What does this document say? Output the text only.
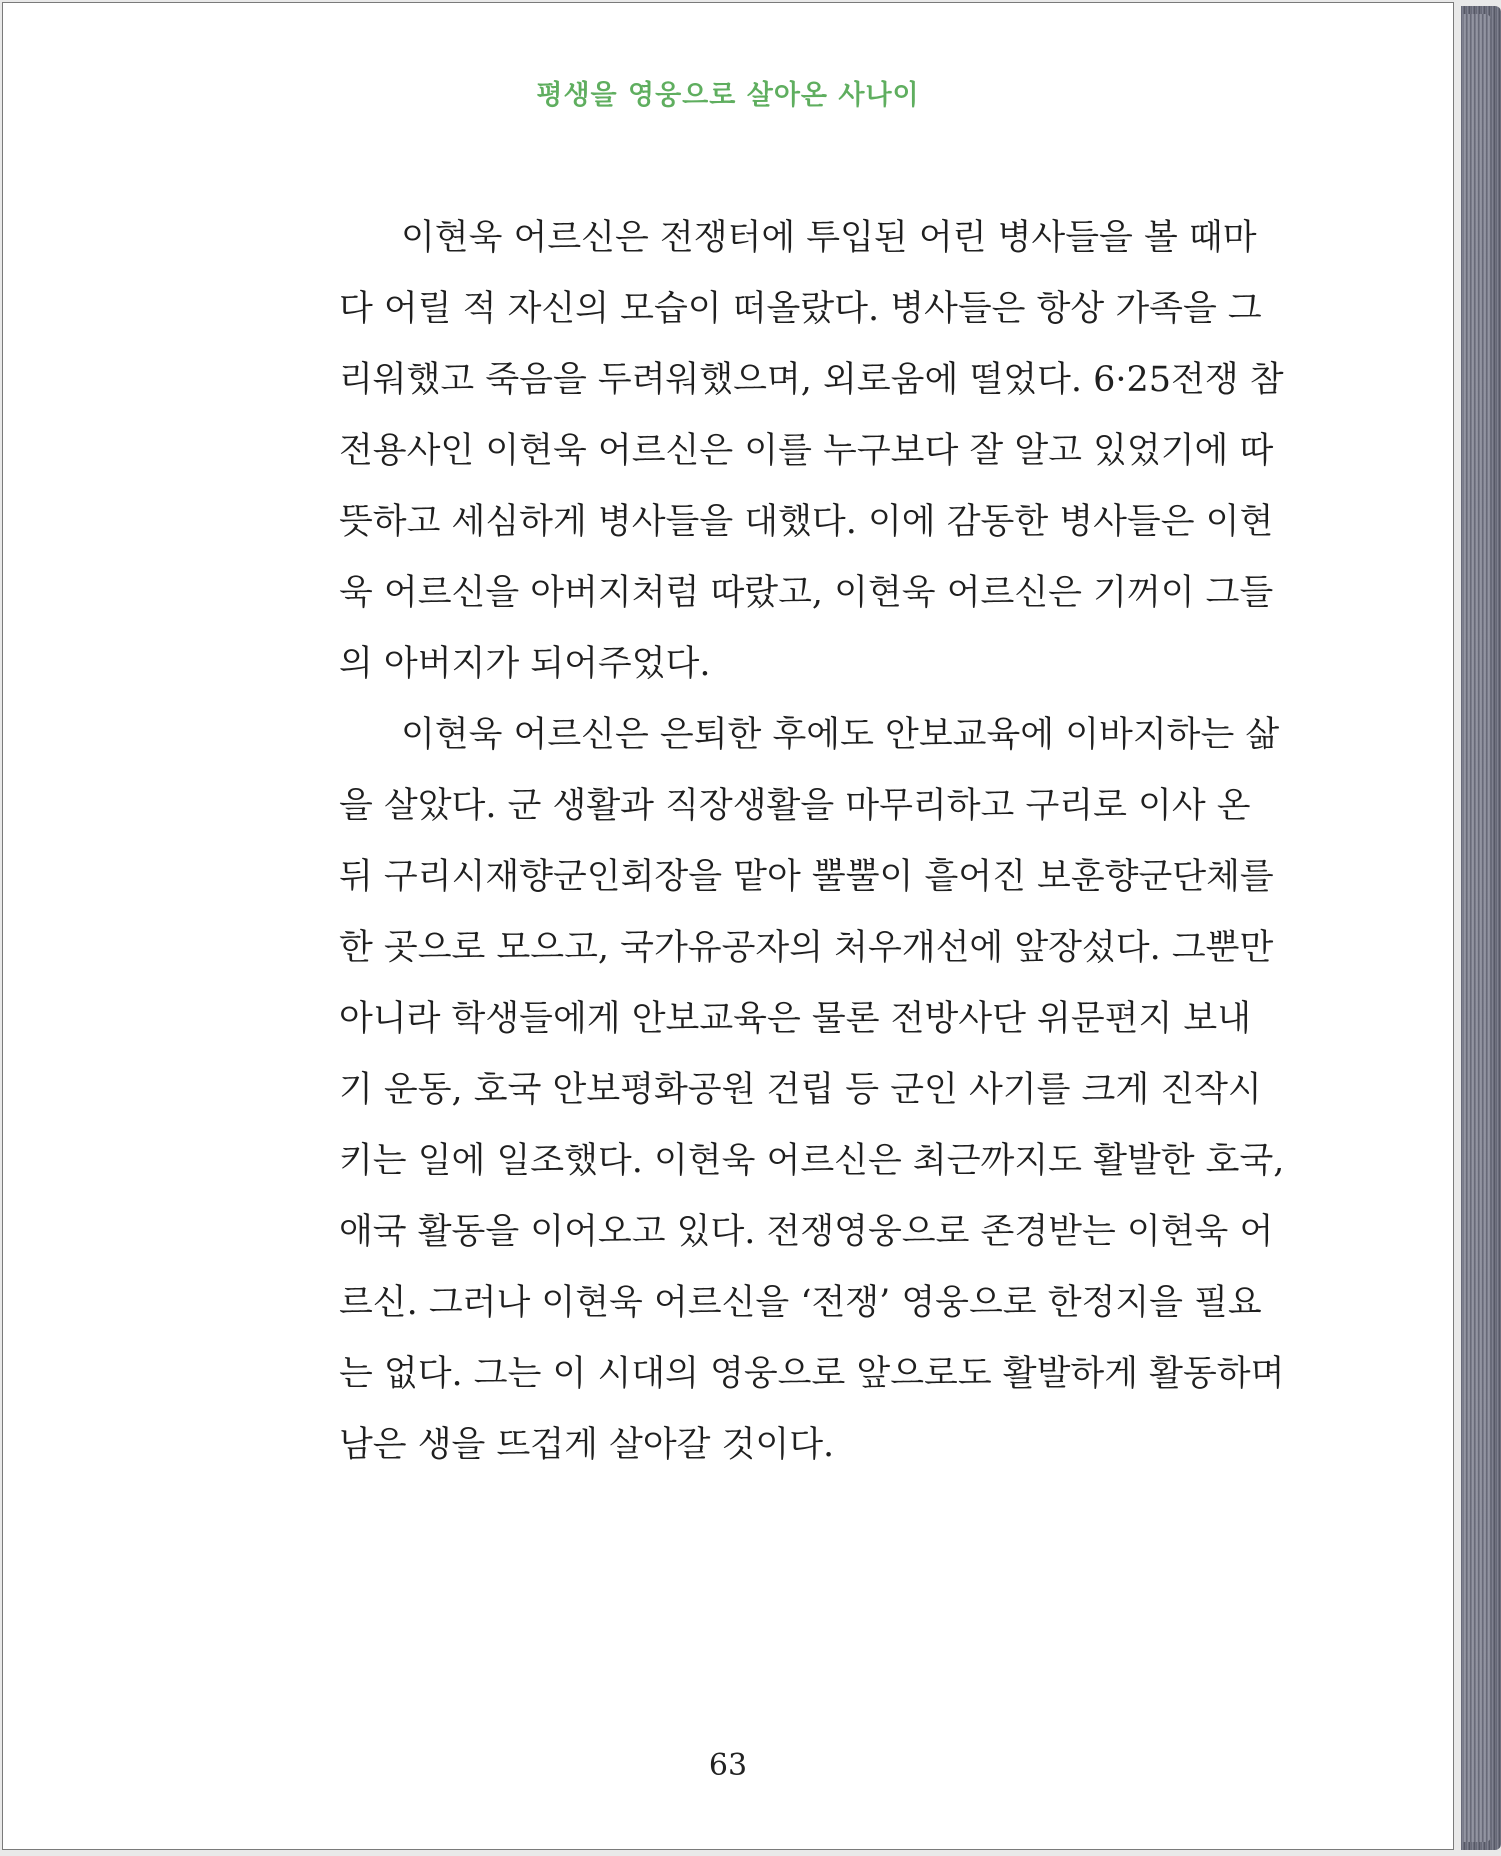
평생을 영웅으로 살아온 사나이
이현욱 어르신은 전쟁터에 투입된 어린 병사들을 볼 때마
다 어릴 적 자신의 모습이 떠올랐다. 병사들은 항상 가족을 그
리워했고 죽음을 두려워했으며, 외로움에 떨었다. 6·25전쟁 참
전용사인 이현욱 어르신은 이를 누구보다 잘 알고 있었기에 따
뜻하고 세심하게 병사들을 대했다. 이에 감동한 병사들은 이현
욱 어르신을 아버지처럼 따랐고, 이현욱 어르신은 기꺼이 그들
의 아버지가 되어주었다.
이현욱 어르신은 은퇴한 후에도 안보교육에 이바지하는 삶
을 살았다. 군 생활과 직장생활을 마무리하고 구리로 이사 온
뒤 구리시재향군인회장을 맡아 뿔뿔이 흩어진 보훈향군단체를
한 곳으로 모으고, 국가유공자의 처우개선에 앞장섰다. 그뿐만
아니라 학생들에게 안보교육은 물론 전방사단 위문편지 보내
기 운동, 호국 안보평화공원 건립 등 군인 사기를 크게 진작시
키는 일에 일조했다. 이현욱 어르신은 최근까지도 활발한 호국,
애국 활동을 이어오고 있다. 전쟁영웅으로 존경받는 이현욱 어
르신. 그러나 이현욱 어르신을 ‘전쟁’ 영웅으로 한정지을 필요
는 없다. 그는 이 시대의 영웅으로 앞으로도 활발하게 활동하며
남은 생을 뜨겁게 살아갈 것이다.
63
